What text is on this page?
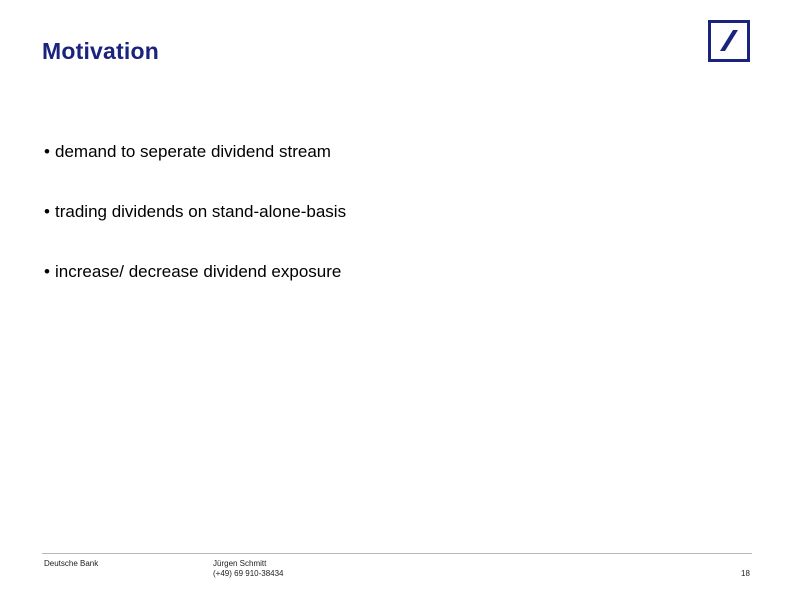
Motivation
• demand to seperate dividend stream
• trading dividends on stand-alone-basis
• increase/ decrease dividend exposure
Deutsche Bank	Jürgen Schmitt
(+49) 69 910-38434	18
